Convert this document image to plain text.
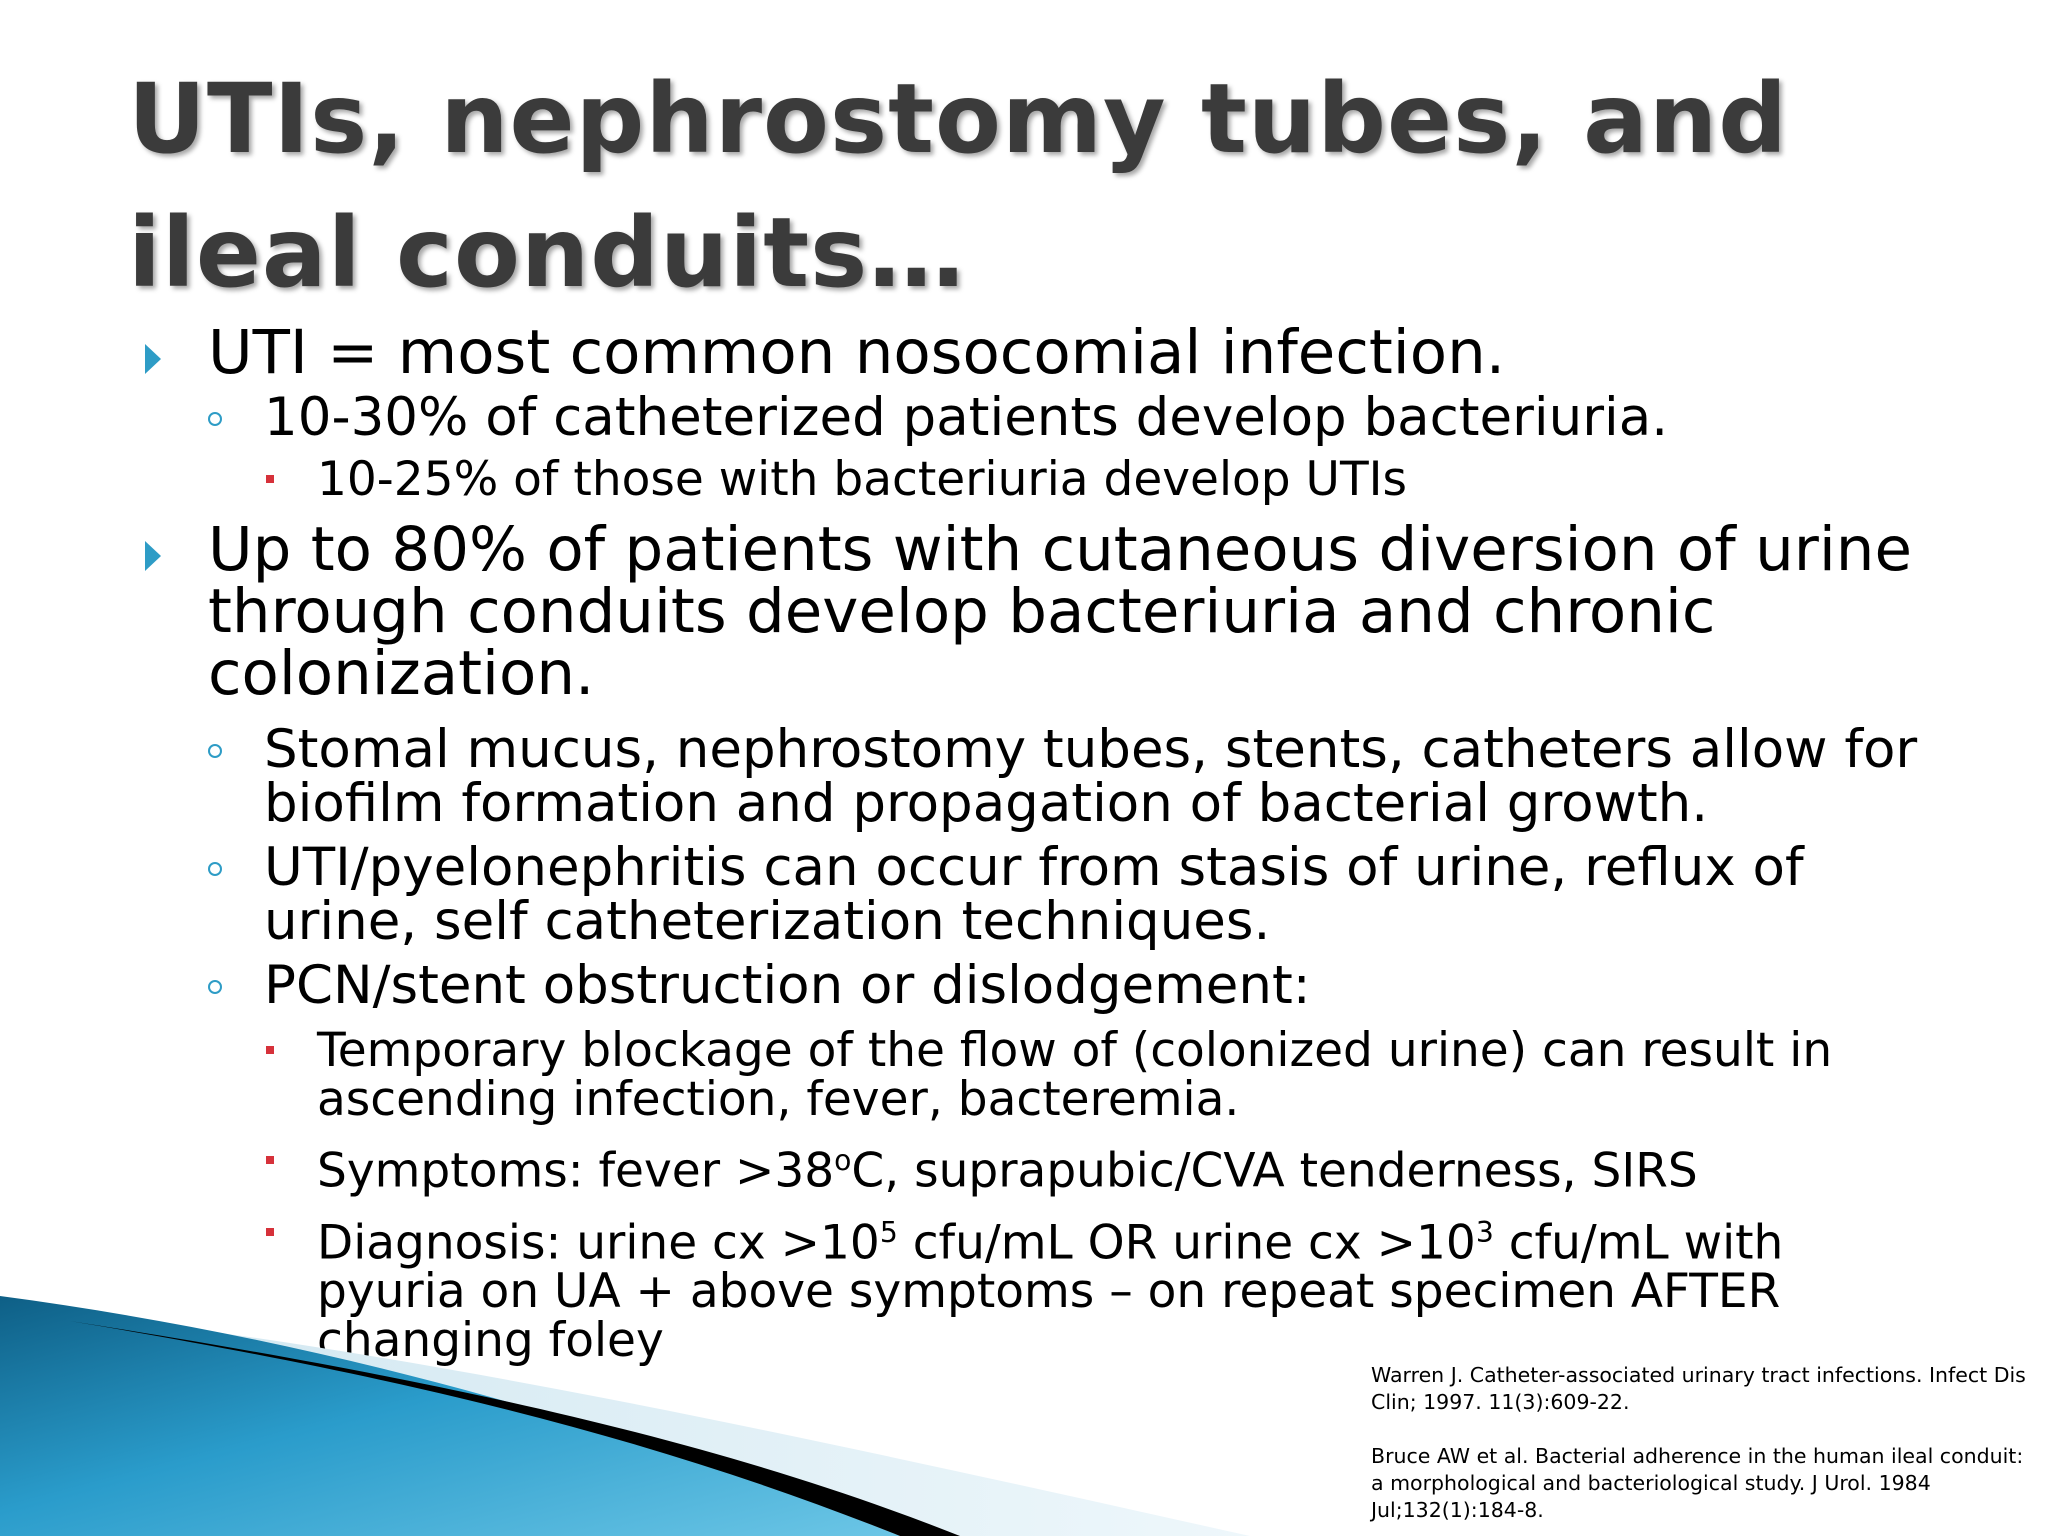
UTIs, nephrostomy tubes, and ileal conduits…
UTI = most common nosocomial infection.
10-30% of catheterized patients develop bacteriuria.
10-25% of those with bacteriuria develop UTIs
Up to 80% of patients with cutaneous diversion of urine through conduits develop bacteriuria and chronic colonization.
Stomal mucus, nephrostomy tubes, stents, catheters allow for biofilm formation and propagation of bacterial growth.
UTI/pyelonephritis can occur from stasis of urine, reflux of urine, self catheterization techniques.
PCN/stent obstruction or dislodgement:
Temporary blockage of the flow of (colonized urine) can result in ascending infection, fever, bacteremia.
Symptoms: fever $>38^oC$, suprapubic/CVA tenderness, SIRS
Diagnosis: urine cx $>10^5$ cfu/mL OR urine cx $>10^3$ cfu/mL with pyuria on UA + above symptoms – on repeat specimen AFTER changing foley

Warren J. Catheter-associated urinary tract infections. Infect Dis Clin; 1997. 11(3):609-22.

Bruce AW et al. Bacterial adherence in the human ileal conduit: a morphological and bacteriological study. J Urol. 1984 Jul;132(1):184-8.
